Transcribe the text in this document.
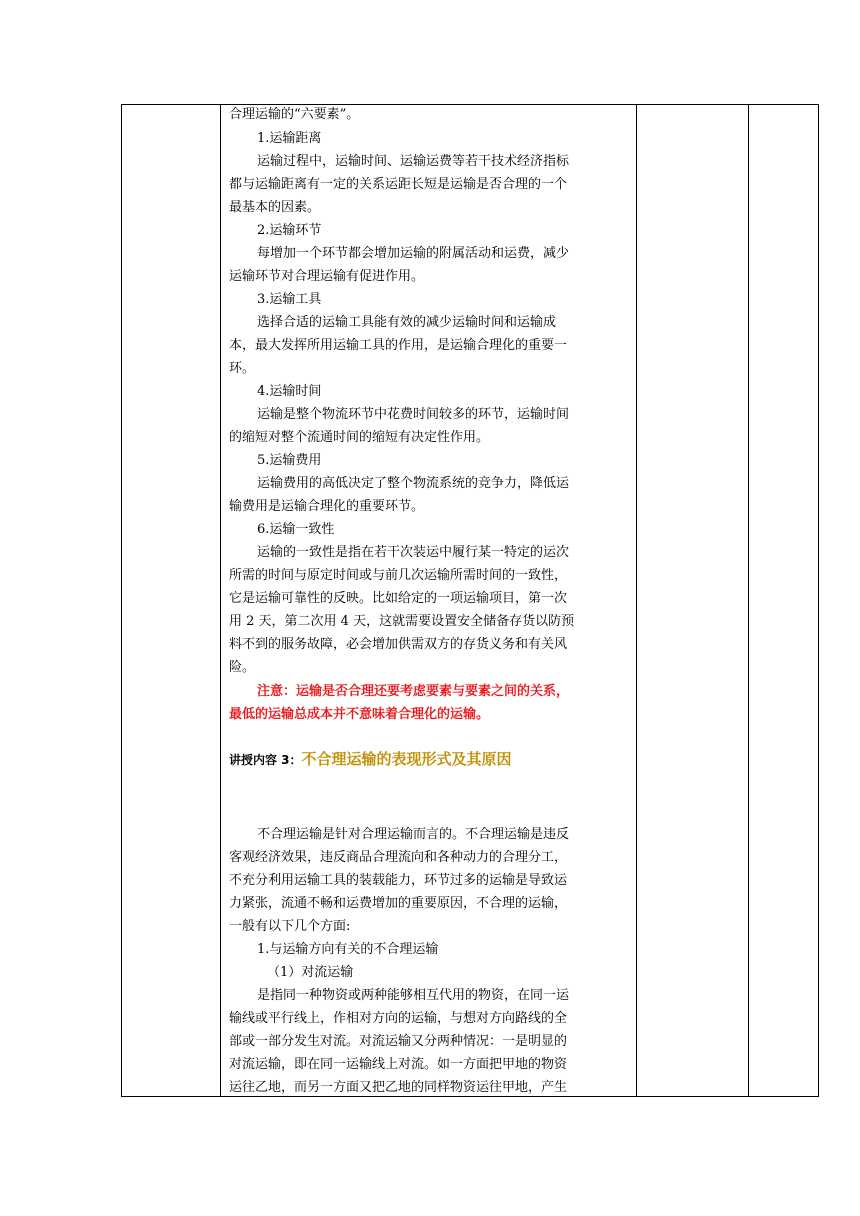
合理运输的“六要素”。
1.运输距离
运输过程中，运输时间、运输运费等若干技术经济指标
都与运输距离有一定的关系运距长短是运输是否合理的一个
最基本的因素。
2.运输环节
每增加一个环节都会增加运输的附属活动和运费，减少
运输环节对合理运输有促进作用。
3.运输工具
选择合适的运输工具能有效的减少运输时间和运输成
本，最大发挥所用运输工具的作用，是运输合理化的重要一
环。
4.运输时间
运输是整个物流环节中花费时间较多的环节，运输时间
的缩短对整个流通时间的缩短有决定性作用。
5.运输费用
运输费用的高低决定了整个物流系统的竞争力，降低运
输费用是运输合理化的重要环节。
6.运输一致性
运输的一致性是指在若干次装运中履行某一特定的运次
所需的时间与原定时间或与前几次运输所需时间的一致性，
它是运输可靠性的反映。比如给定的一项运输项目，第一次
用 2 天，第二次用 4 天，这就需要设置安全储备存货以防预
料不到的服务故障，必会增加供需双方的存货义务和有关风
险。
注意：运输是否合理还要考虑要素与要素之间的关系，
最低的运输总成本并不意味着合理化的运输。
讲授内容 3：不合理运输的表现形式及其原因
不合理运输是针对合理运输而言的。不合理运输是违反
客观经济效果，违反商品合理流向和各种动力的合理分工，
不充分利用运输工具的装载能力，环节过多的运输是导致运
力紧张，流通不畅和运费增加的重要原因，不合理的运输，
一般有以下几个方面:
1.与运输方向有关的不合理运输
（1）对流运输
是指同一种物资或两种能够相互代用的物资，在同一运
输线或平行线上，作相对方向的运输，与想对方向路线的全
部或一部分发生对流。对流运输又分两种情况：一是明显的
对流运输，即在同一运输线上对流。如一方面把甲地的物资
运往乙地，而另一方面又把乙地的同样物资运往甲地，产生
